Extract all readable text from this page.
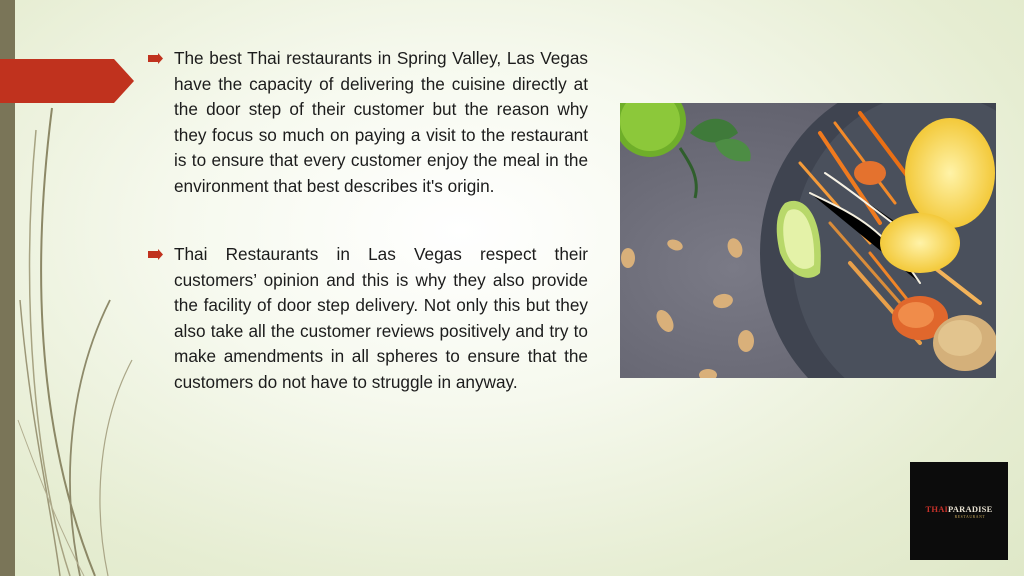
The best Thai restaurants in Spring Valley, Las Vegas have the capacity of delivering the cuisine directly at the door step of their customer but the reason why they focus so much on paying a visit to the restaurant is to ensure that every customer enjoy the meal in the environment that best describes it's origin.
Thai Restaurants in Las Vegas respect their customers’ opinion and this is why they also provide the facility of door step delivery. Not only this but they also take all the customer reviews positively and try to make amendments in all spheres to ensure that the customers do not have to struggle in anyway.
THAIPARADISE
RESTAURANT
